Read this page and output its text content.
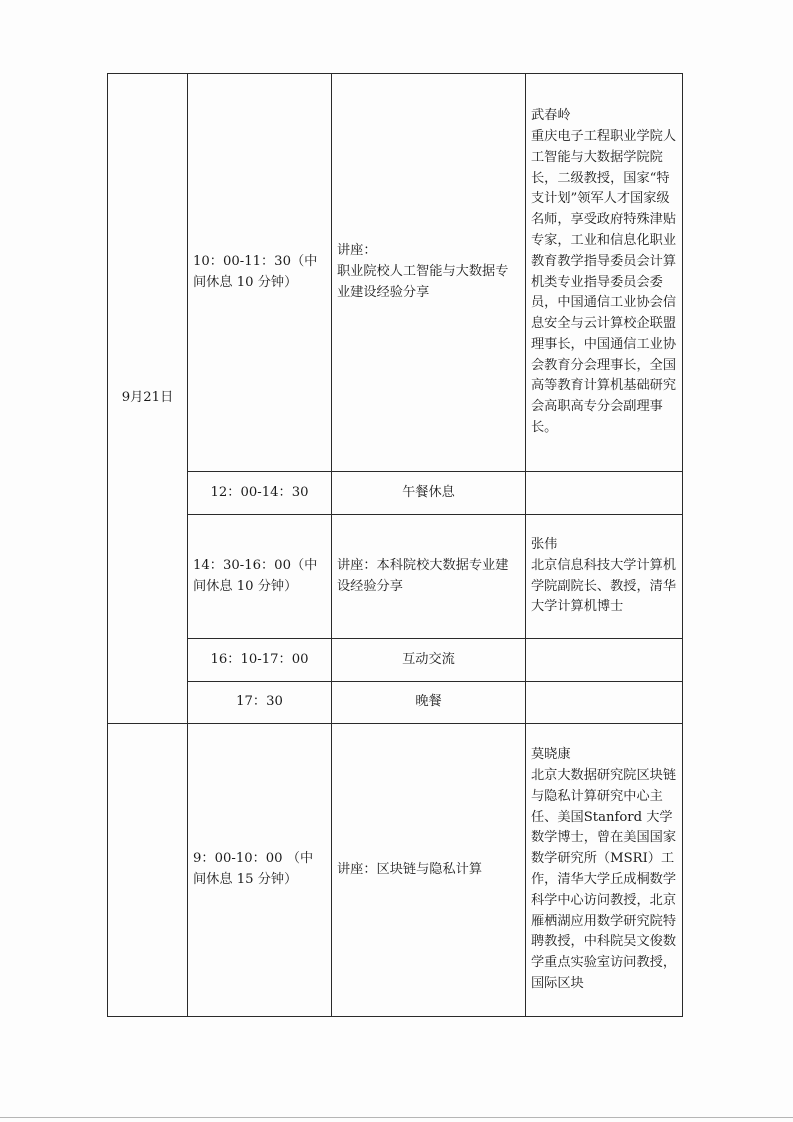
9月21日	10：00-11：30（中间休息 10 分钟）	讲座：
职业院校人工智能与大数据专业建设经验分享	武春岭
重庆电子工程职业学院人工智能与大数据学院院长，二级教授，国家“特支计划”领军人才国家级名师，享受政府特殊津贴专家，工业和信息化职业教育教学指导委员会计算机类专业指导委员会委员，中国通信工业协会信息安全与云计算校企联盟理事长，中国通信工业协会教育分会理事长，全国高等教育计算机基础研究会高职高专分会副理事长。

	12：00-14：30	午餐休息	
	14：30-16：00（中间休息 10 分钟）	讲座：本科院校大数据专业建设经验分享	张伟
北京信息科技大学计算机学院副院长、教授，清华大学计算机博士

	16：10-17：00	互动交流	
	17：30	晚餐	
	9：00-10：00 （中间休息 15 分钟）	讲座：区块链与隐私计算	莫晓康
北京大数据研究院区块链与隐私计算研究中心主任、美国Stanford 大学数学博士，曾在美国国家数学研究所（MSRI）工作，清华大学丘成桐数学科学中心访问教授，北京雁栖湖应用数学研究院特聘教授，中科院吴文俊数学重点实验室访问教授，国际区块
